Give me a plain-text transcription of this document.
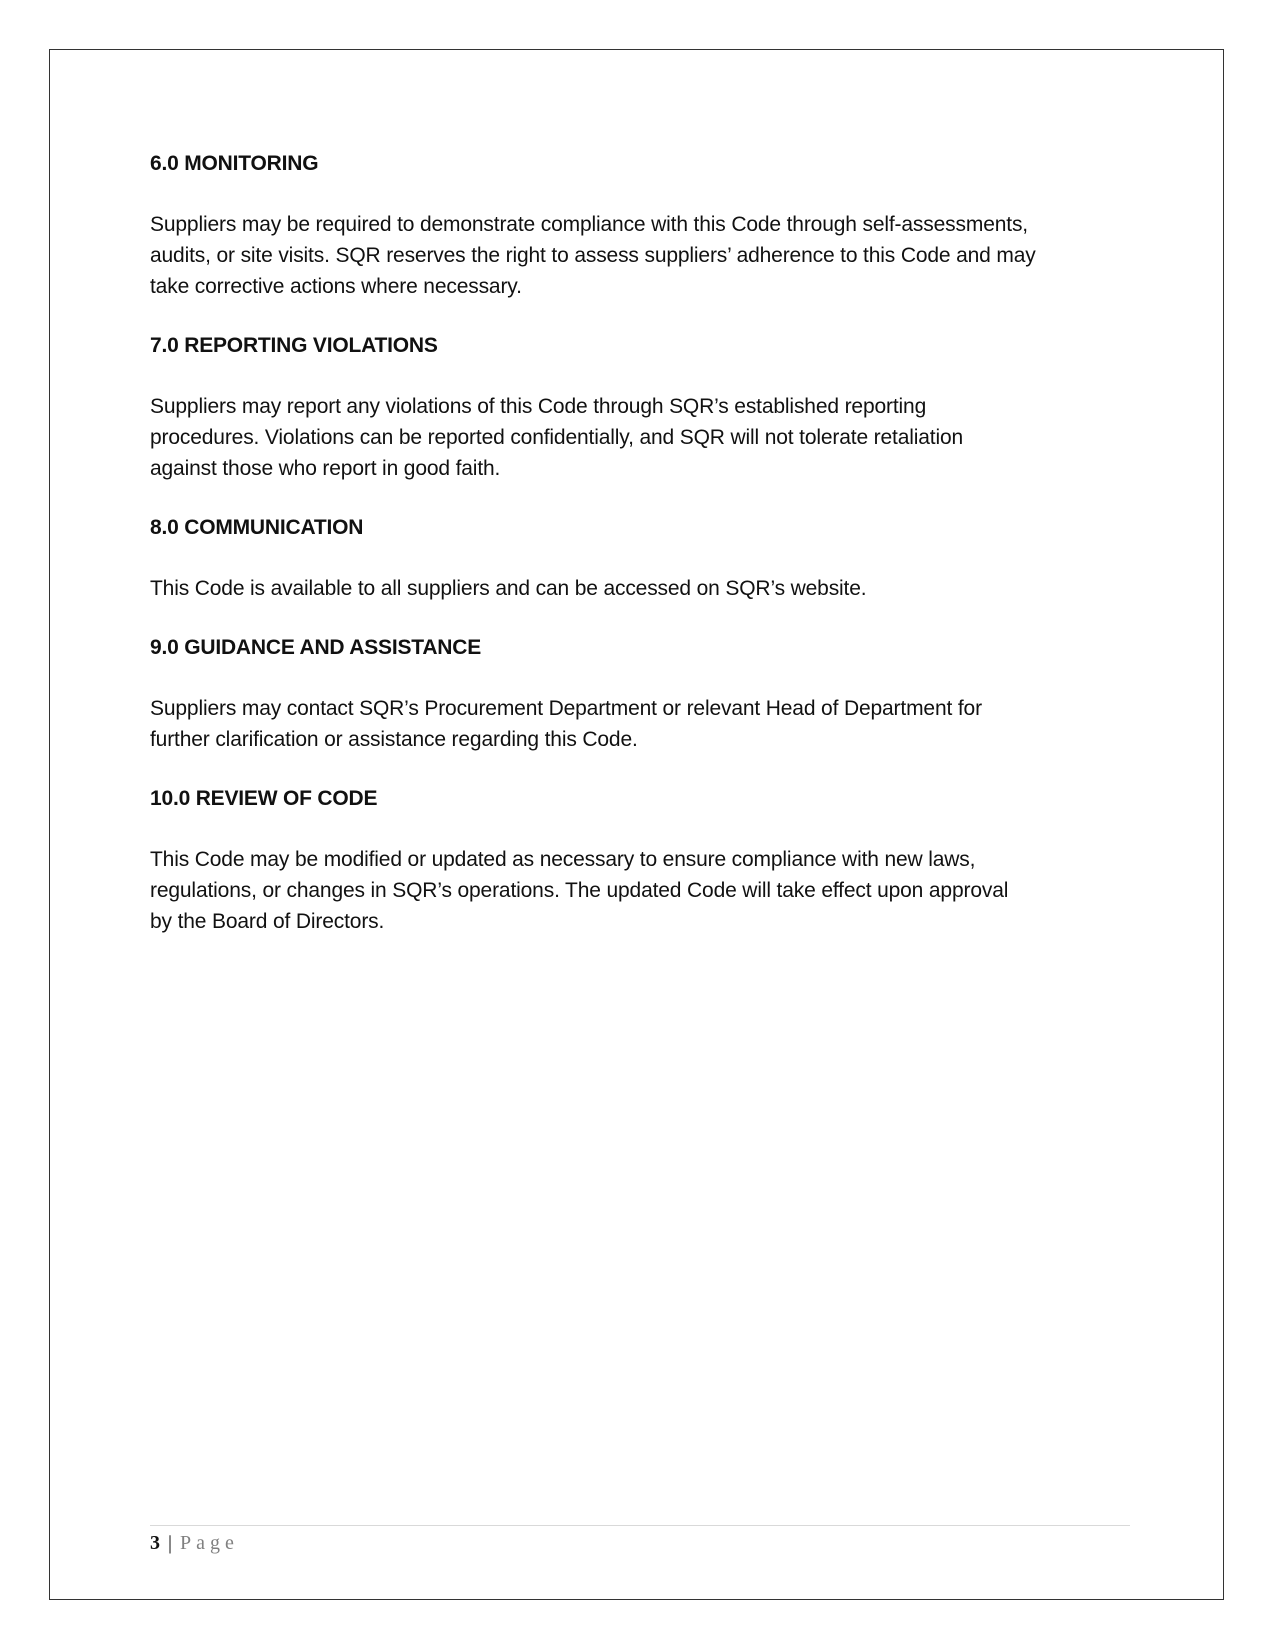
6.0 MONITORING
Suppliers may be required to demonstrate compliance with this Code through self-assessments,
audits, or site visits. SQR reserves the right to assess suppliers’ adherence to this Code and may
take corrective actions where necessary.
7.0 REPORTING VIOLATIONS
Suppliers may report any violations of this Code through SQR’s established reporting
procedures. Violations can be reported confidentially, and SQR will not tolerate retaliation
against those who report in good faith.
8.0 COMMUNICATION
This Code is available to all suppliers and can be accessed on SQR’s website.
9.0 GUIDANCE AND ASSISTANCE
Suppliers may contact SQR’s Procurement Department or relevant Head of Department for
further clarification or assistance regarding this Code.
10.0 REVIEW OF CODE
This Code may be modified or updated as necessary to ensure compliance with new laws,
regulations, or changes in SQR’s operations. The updated Code will take effect upon approval
by the Board of Directors.
3 | Page
